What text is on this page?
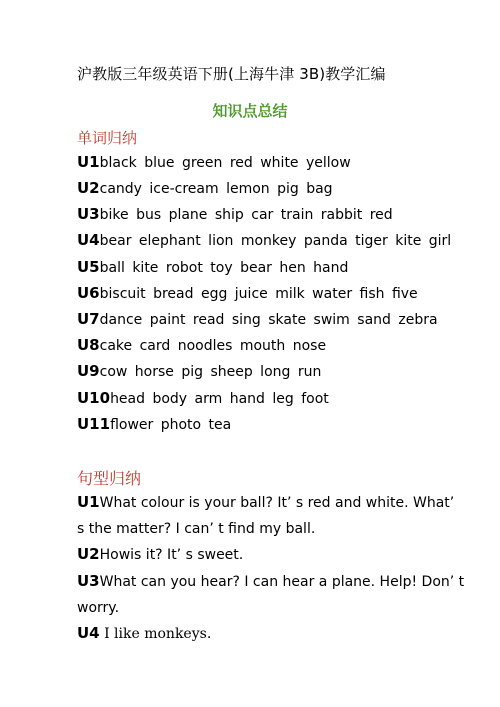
沪教版三年级英语下册(上海牛津 3B)教学汇编
知识点总结
单词归纳
U1black blue green red white yellow
U2candy ice-cream lemon pig bag
U3bike bus plane ship car train rabbit red
U4bear elephant lion monkey panda tiger kite girl
U5ball kite robot toy bear hen hand
U6biscuit bread egg juice milk water fish five
U7dance paint read sing skate swim sand zebra
U8cake card noodles mouth nose
U9cow horse pig sheep long run
U10head body arm hand leg foot
U11flower photo tea
句型归纳
U1What colour is your ball? It’ s red and white. What’
s the matter? I can’ t find my ball.
U2Howis it? It’ s sweet.
U3What can you hear? I can hear a plane. Help! Don’ t
worry.
U4 I like monkeys.
